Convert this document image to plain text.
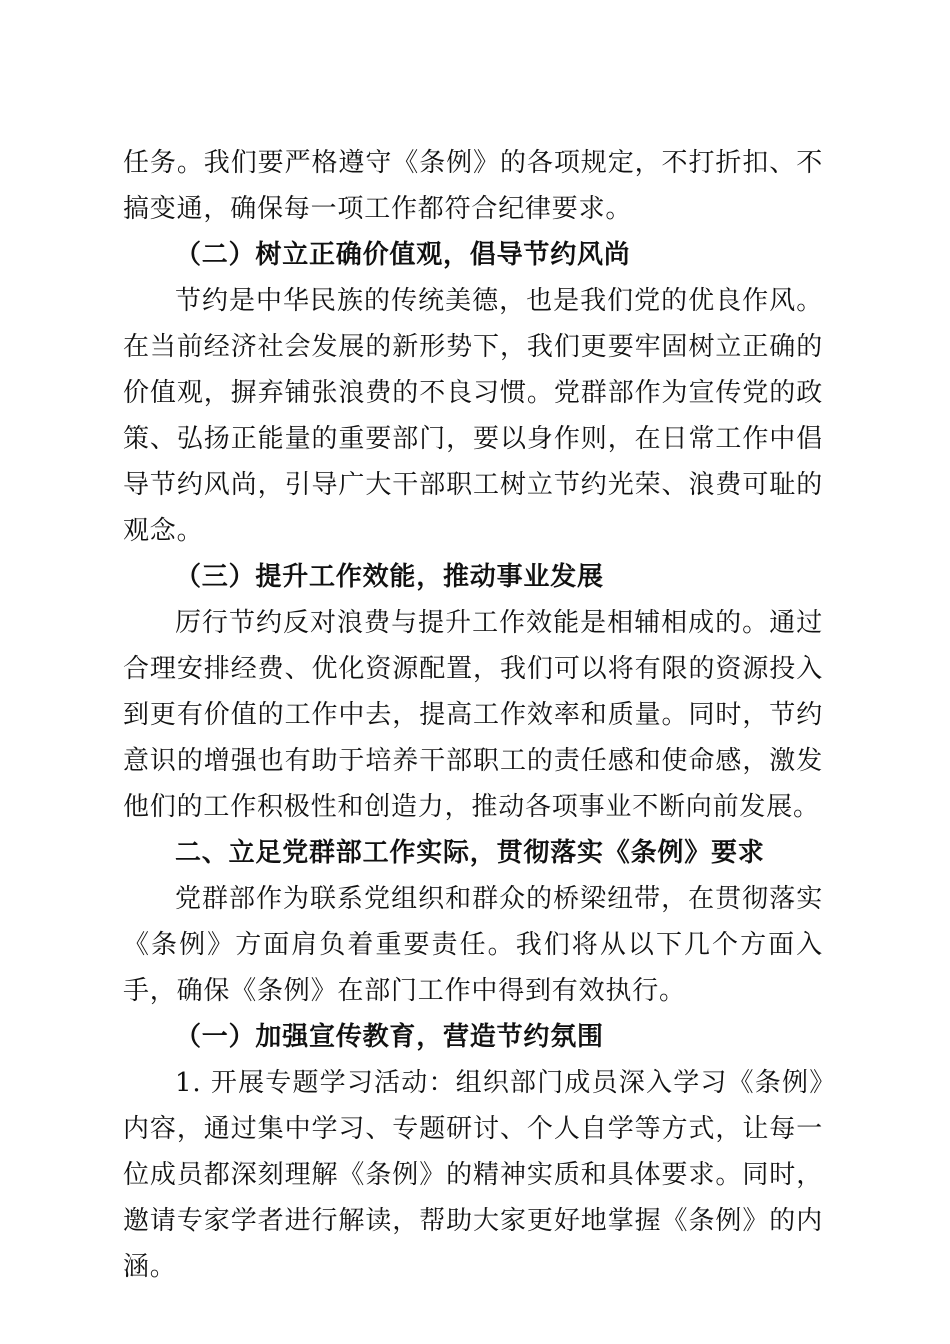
任务。我们要严格遵守《条例》的各项规定，不打折扣、不搞变通，确保每一项工作都符合纪律要求。

（二）树立正确价值观，倡导节约风尚

节约是中华民族的传统美德，也是我们党的优良作风。在当前经济社会发展的新形势下，我们更要牢固树立正确的价值观，摒弃铺张浪费的不良习惯。党群部作为宣传党的政策、弘扬正能量的重要部门，要以身作则，在日常工作中倡导节约风尚，引导广大干部职工树立节约光荣、浪费可耻的观念。

（三）提升工作效能，推动事业发展

厉行节约反对浪费与提升工作效能是相辅相成的。通过合理安排经费、优化资源配置，我们可以将有限的资源投入到更有价值的工作中去，提高工作效率和质量。同时，节约意识的增强也有助于培养干部职工的责任感和使命感，激发他们的工作积极性和创造力，推动各项事业不断向前发展。

二、立足党群部工作实际，贯彻落实《条例》要求

党群部作为联系党组织和群众的桥梁纽带，在贯彻落实《条例》方面肩负着重要责任。我们将从以下几个方面入手，确保《条例》在部门工作中得到有效执行。

（一）加强宣传教育，营造节约氛围

1. 开展专题学习活动：组织部门成员深入学习《条例》内容，通过集中学习、专题研讨、个人自学等方式，让每一位成员都深刻理解《条例》的精神实质和具体要求。同时，邀请专家学者进行解读，帮助大家更好地掌握《条例》的内涵。
